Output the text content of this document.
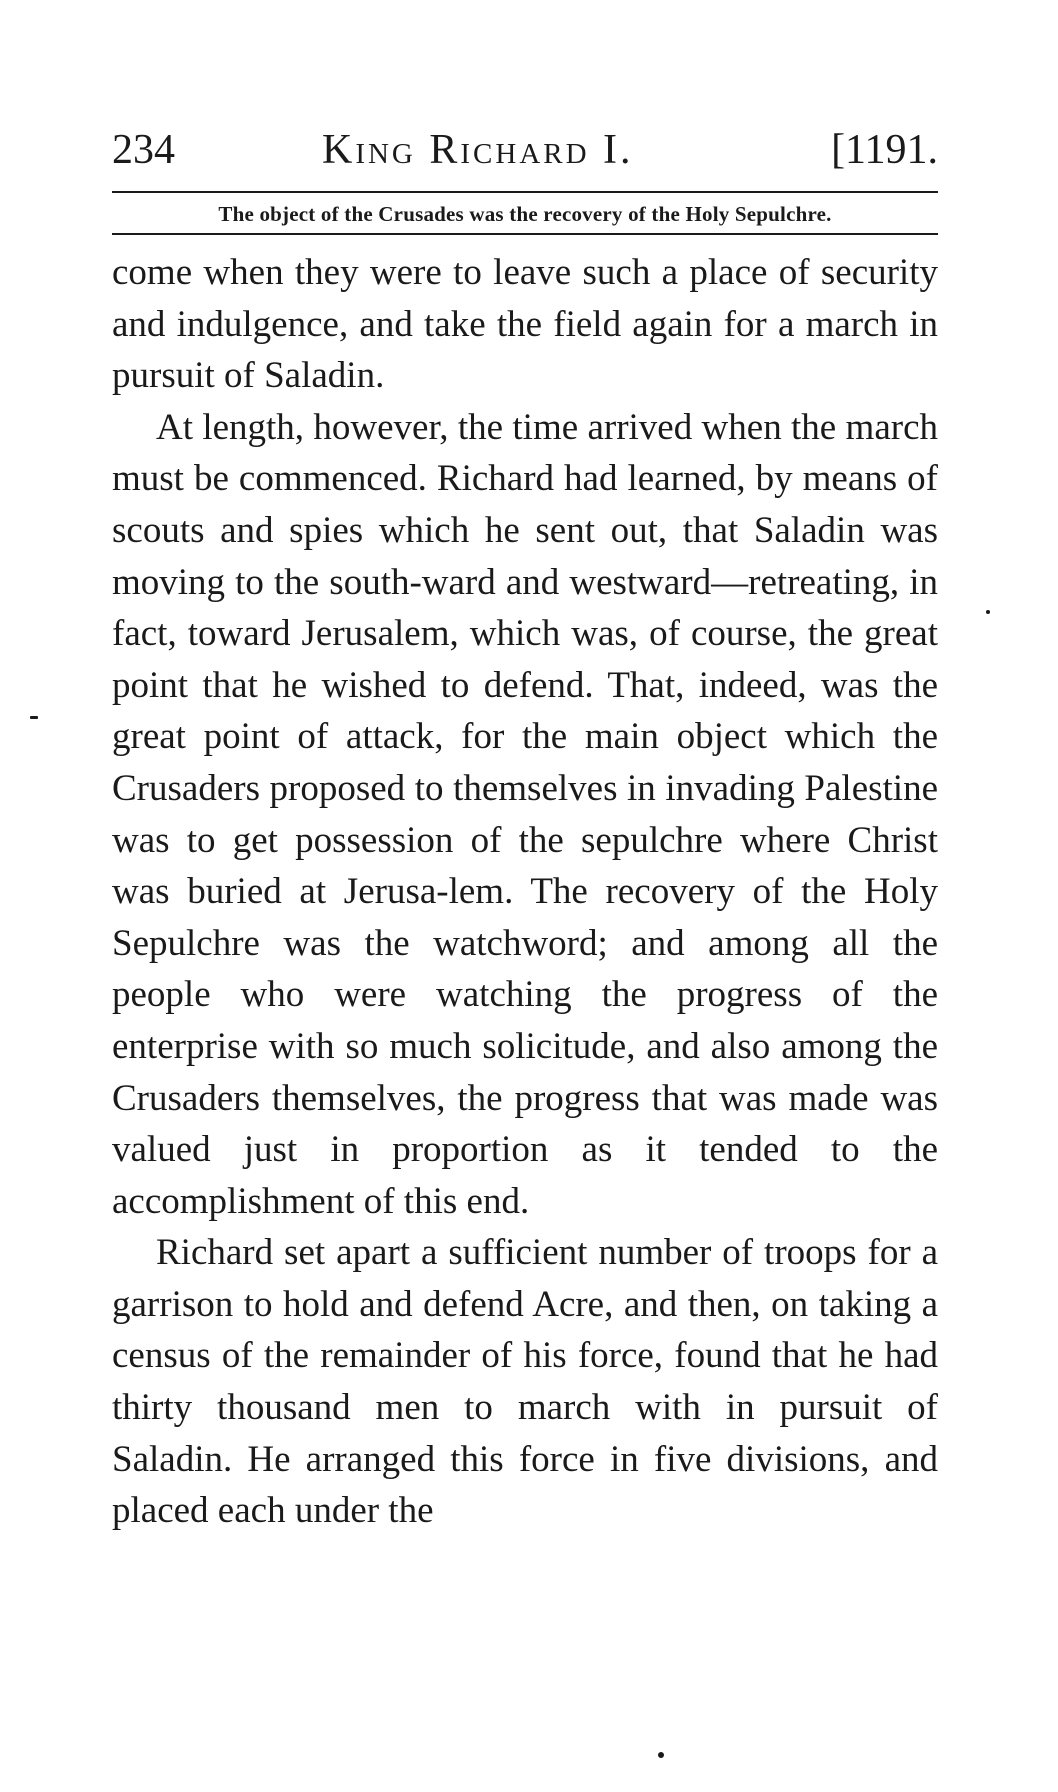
234	King Richard I.	[1191.
The object of the Crusades was the recovery of the Holy Sepulchre.

come when they were to leave such a place of security and indulgence, and take the field again for a march in pursuit of Saladin.

At length, however, the time arrived when the march must be commenced. Richard had learned, by means of scouts and spies which he sent out, that Saladin was moving to the south-ward and westward—retreating, in fact, toward Jerusalem, which was, of course, the great point that he wished to defend. That, indeed, was the great point of attack, for the main object which the Crusaders proposed to themselves in invading Palestine was to get possession of the sepulchre where Christ was buried at Jerusa-lem. The recovery of the Holy Sepulchre was the watchword; and among all the people who were watching the progress of the enterprise with so much solicitude, and also among the Crusaders themselves, the progress that was made was valued just in proportion as it tended to the accomplishment of this end.

Richard set apart a sufficient number of troops for a garrison to hold and defend Acre, and then, on taking a census of the remainder of his force, found that he had thirty thousand men to march with in pursuit of Saladin. He arranged this force in five divisions, and placed each under the
